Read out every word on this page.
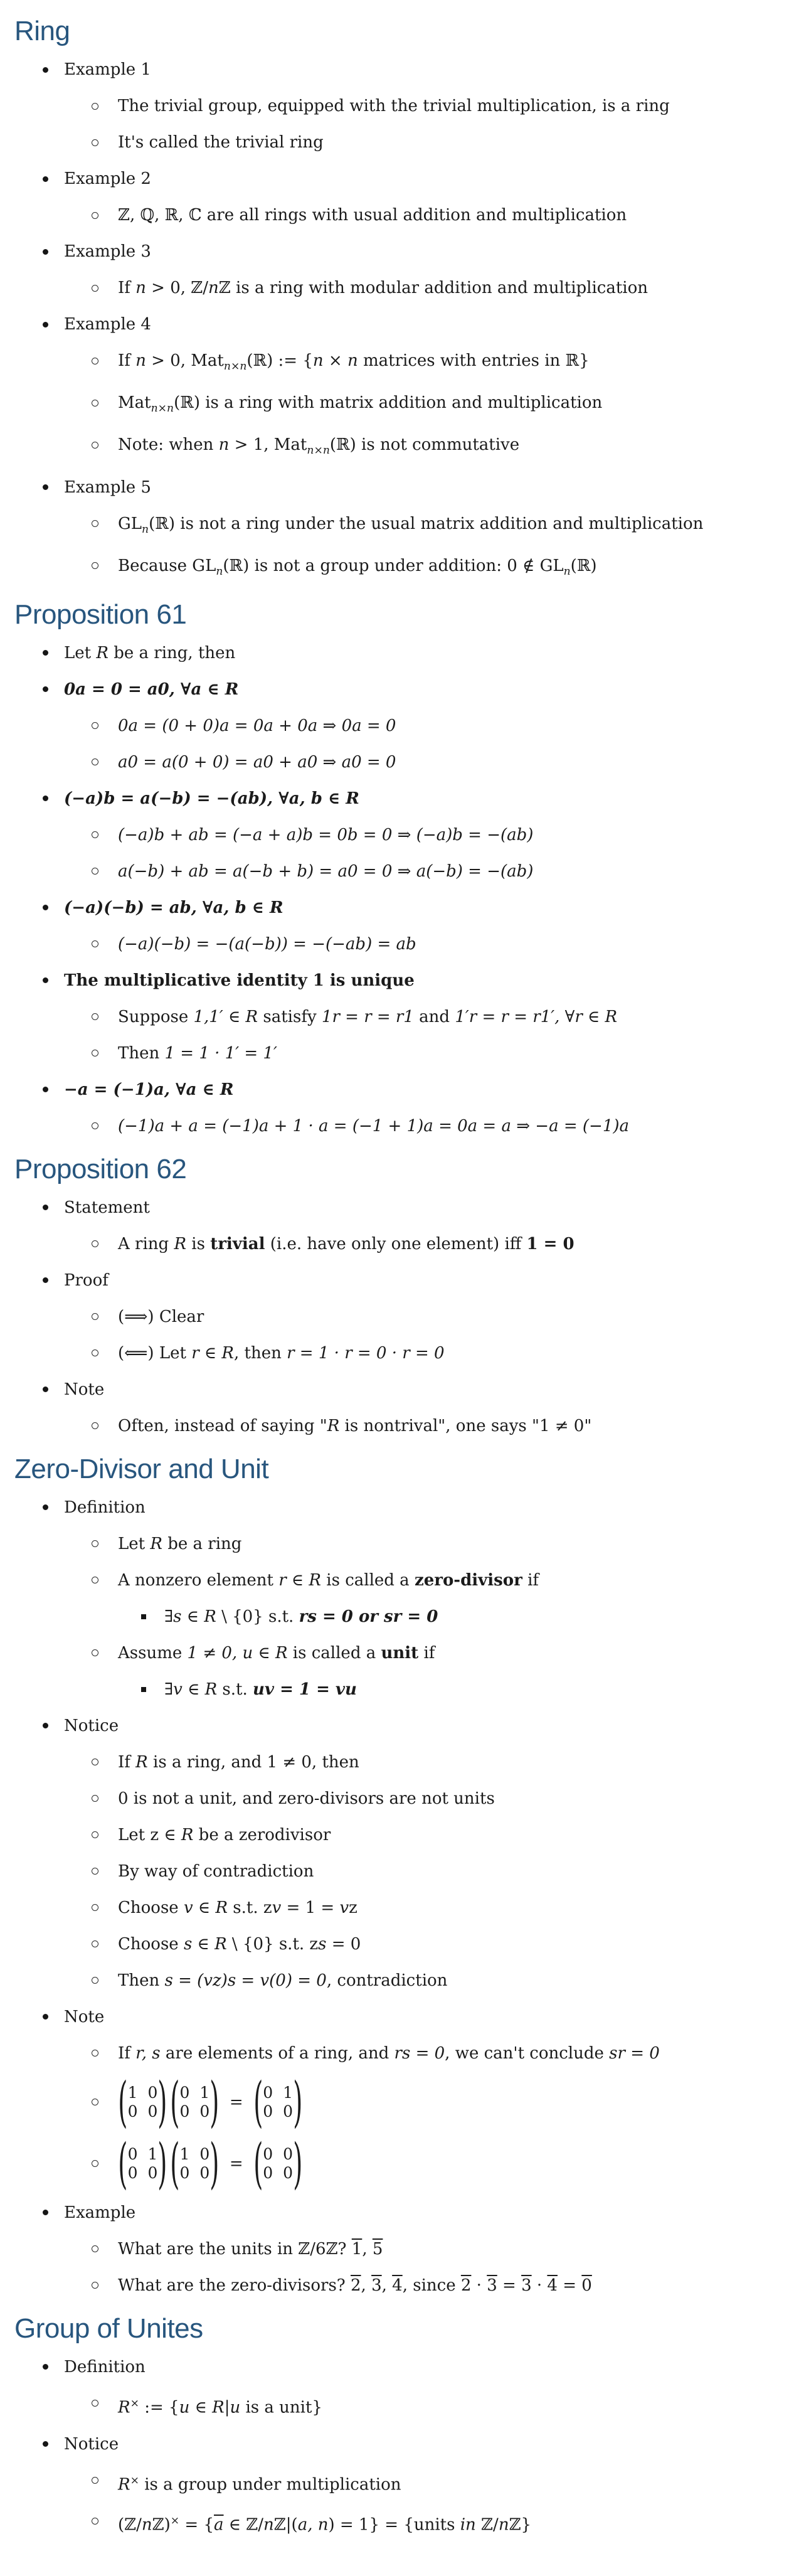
Ring
Example 1
The trivial group, equipped with the trivial multiplication, is a ring
It's called the trivial ring
Example 2
ℤ, ℚ, ℝ, ℂ are all rings with usual addition and multiplication
Example 3
If n > 0, ℤ/nℤ is a ring with modular addition and multiplication
Example 4
If n > 0, Mat$_{n\times n}$(ℝ) := {n × n matrices with entries in ℝ}
Mat$_{n\times n}$(ℝ) is a ring with matrix addition and multiplication
Note: when n > 1, Mat$_{n\times n}$(ℝ) is not commutative
Example 5
$GL_n(ℝ)$ is not a ring under the usual matrix addition and multiplication
Because $GL_n(ℝ)$ is not a group under addition: 0 ∉ $GL_n(ℝ)$
Proposition 61
Let R be a ring, then
0a = 0 = a0, ∀a ∈ R
0a = (0 + 0)a = 0a + 0a ⇒ 0a = 0
a0 = a(0 + 0) = a0 + a0 ⇒ a0 = 0
(−a)b = a(−b) = −(ab), ∀a, b ∈ R
(−a)b + ab = (−a + a)b = 0b = 0 ⇒ (−a)b = −(ab)
a(−b) + ab = a(−b + b) = a0 = 0 ⇒ a(−b) = −(ab)
(−a)(−b) = ab, ∀a, b ∈ R
(−a)(−b) = −(a(−b)) = −(−ab) = ab
The multiplicative identity 1 is unique
Suppose 1,1′ ∈ R satisfy 1r = r = r1 and 1′r = r = r1′, ∀r ∈ R
Then 1 = 1 · 1′ = 1′
−a = (−1)a, ∀a ∈ R
(−1)a + a = (−1)a + 1 · a = (−1 + 1)a = 0a = a ⇒ −a = (−1)a
Proposition 62
Statement
A ring R is trivial (i.e. have only one element) iff 1 = 0
Proof
(⟹) Clear
(⟸) Let r ∈ R, then r = 1 · r = 0 · r = 0
Note
Often, instead of saying "R is nontrival", one says "1 ≠ 0"
Zero-Divisor and Unit
Definition
Let R be a ring
A nonzero element r ∈ R is called a zero-divisor if
∃s ∈ R \ {0} s.t. rs = 0 or sr = 0
Assume 1 ≠ 0, u ∈ R is called a unit if
∃v ∈ R s.t. uv = 1 = vu
Notice
If R is a ring, and 1 ≠ 0, then
0 is not a unit, and zero-divisors are not units
Let z ∈ R be a zerodivisor
By way of contradiction
Choose v ∈ R s.t. zv = 1 = vz
Choose s ∈ R \ {0} s.t. zs = 0
Then s = (vz)s = v(0) = 0, contradiction
Note
If r, s are elements of a ring, and rs = 0, we can't conclude sr = 0
( 1 0
0 0 ) ( 0 1
0 0 ) = ( 0 1
0 0 )
( 0 1
0 0 ) ( 1 0
0 0 ) = ( 0 0
0 0 )
Example
What are the units in ℤ/6ℤ? 1, 5
What are the zero-divisors? 2, 3, 4, since 2 · 3 = 3 · 4 = 0
Group of Unites
Definition
R× := {u ∈ R|u is a unit}
Notice
R× is a group under multiplication
(ℤ/nℤ)× = {$\overline{a}$ ∈ ℤ/nℤ|(a, n) = 1} = {units in ℤ/nℤ}
